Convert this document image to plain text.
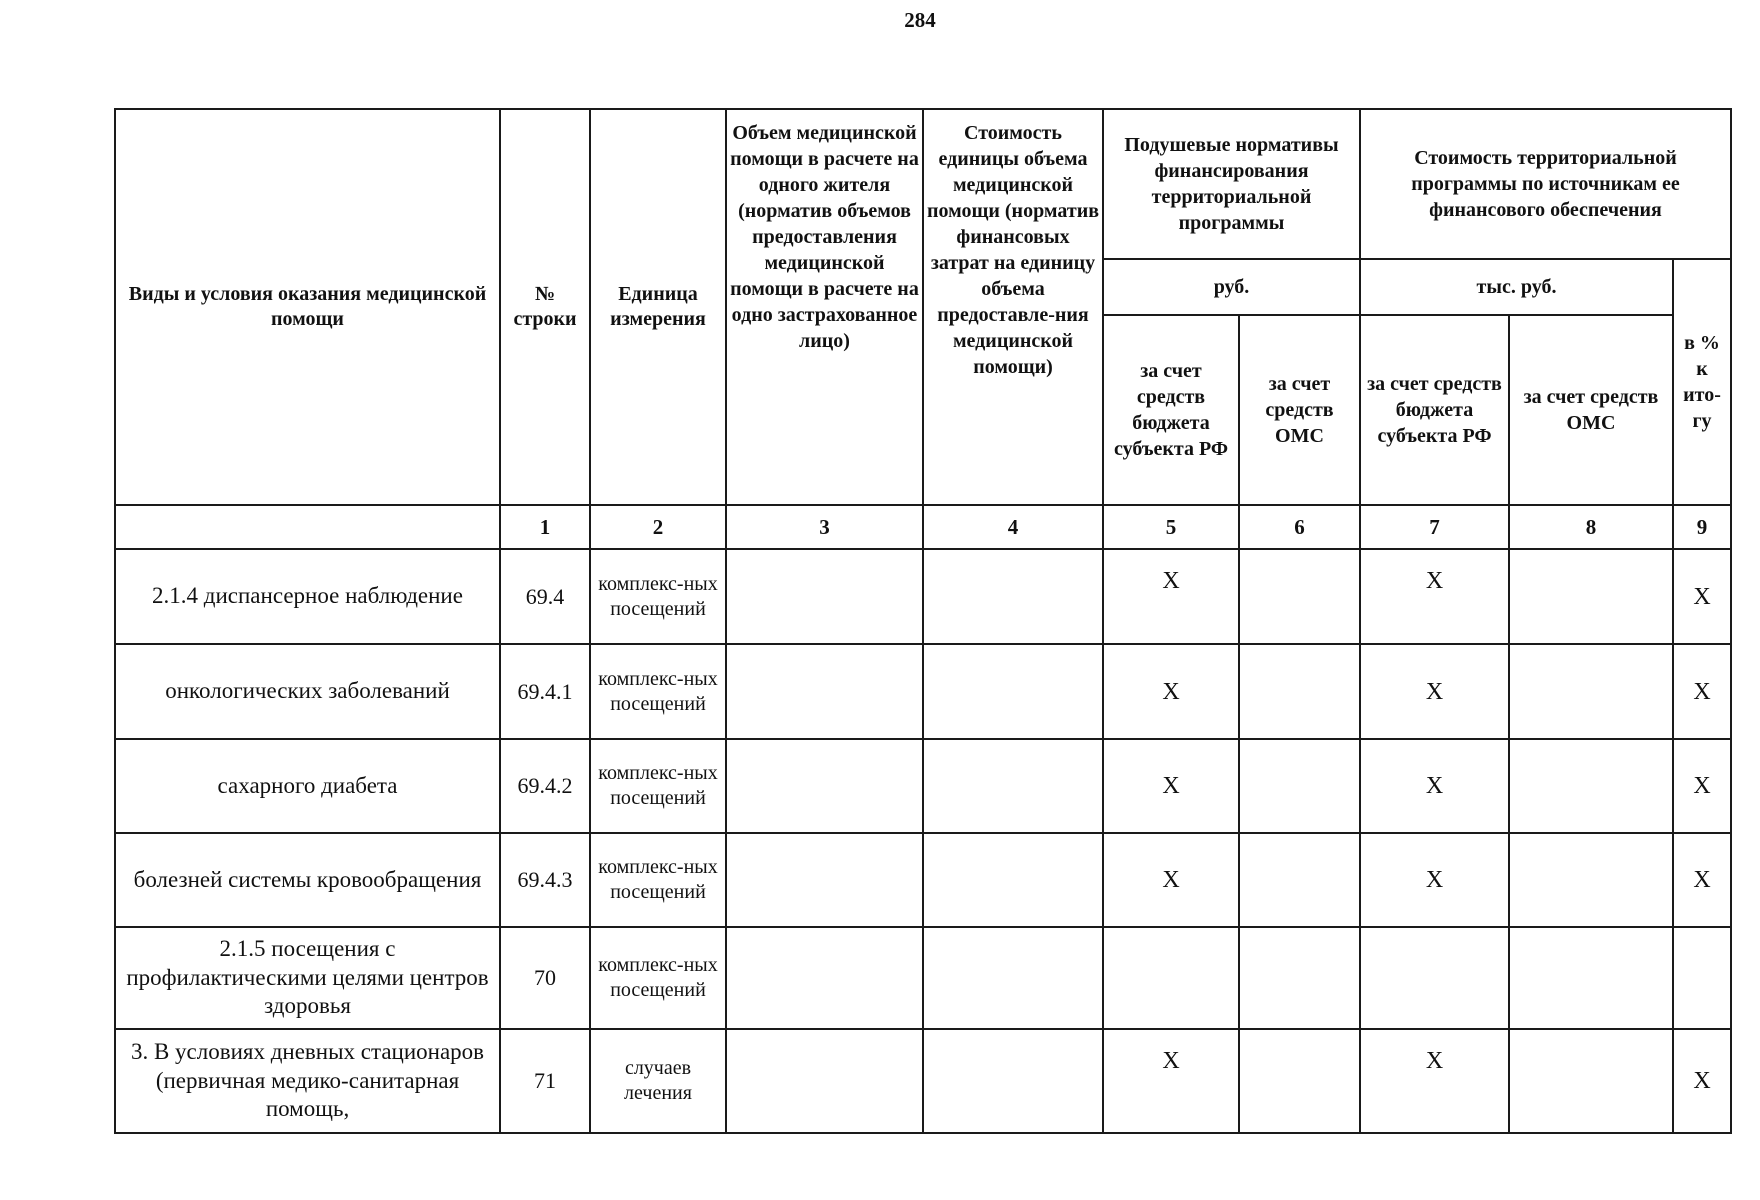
284
Виды и условия оказания медицинской помощи	№ строки	Единица измерения	Объем медицинской помощи в расчете на одного жителя (норматив объемов предоставления медицинской помощи в расчете на одно застрахованное лицо)	Стоимость единицы объема медицинской помощи (норматив финансовых затрат на единицу объема предоставле-ния медицинской помощи)	Подушевые нормативы финансирования территориальной программы		Стоимость территориальной программы по источникам ее финансового обеспечения		
					руб.		тыс. руб.		в % к ито-гу
					за счет средств бюджета субъекта РФ	за счет средств ОМС	за счет средств бюджета субъекта РФ	за счет средств ОМС	
	1	2	3	4	5	6	7	8	9
2.1.4 диспансерное наблюдение	69.4	комплекс-ных посещений			X		X		X
онкологических заболеваний	69.4.1	комплекс-ных посещений			X		X		X
сахарного диабета	69.4.2	комплекс-ных посещений			X		X		X
болезней системы кровообращения	69.4.3	комплекс-ных посещений			X		X		X
2.1.5 посещения с профилактическими целями центров здоровья	70	комплекс-ных посещений							
3. В условиях дневных стационаров (первичная медико-санитарная помощь,	71	случаев лечения			X		X		X
